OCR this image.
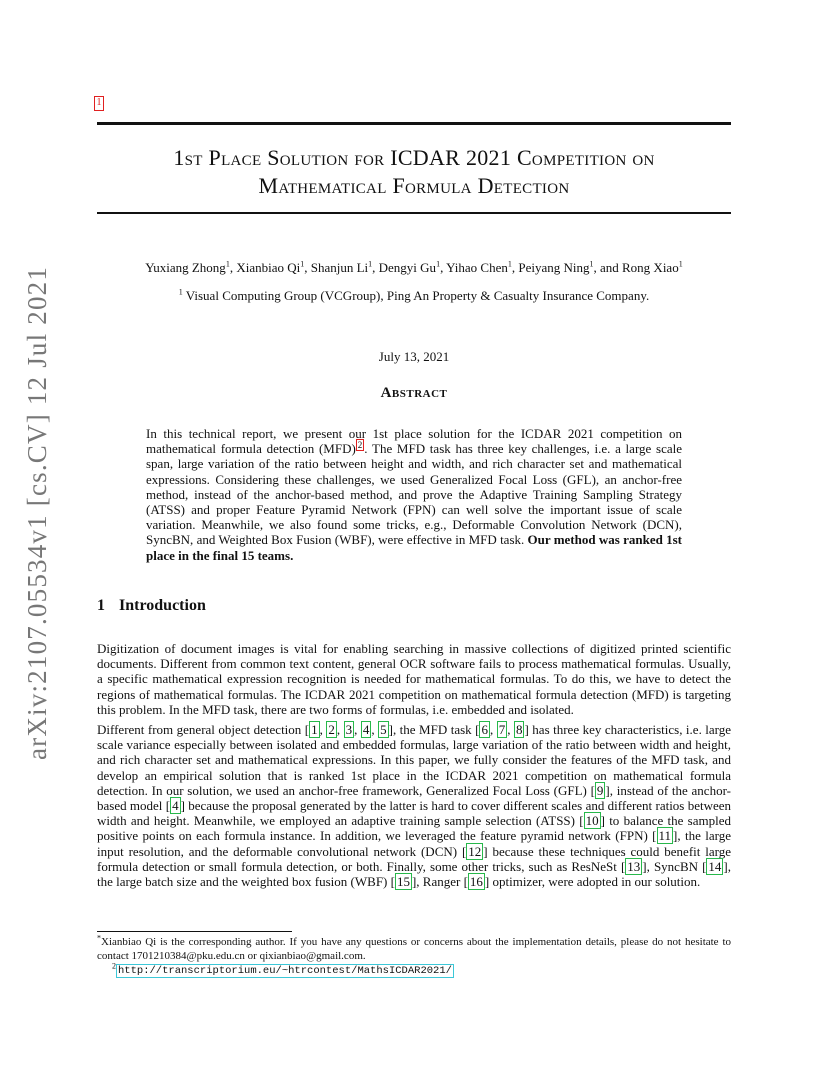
arXiv:2107.05534v1 [cs.CV] 12 Jul 2021
1
1st Place Solution for ICDAR 2021 Competition on
Mathematical Formula Detection
Yuxiang Zhong$^1$, Xianbiao Qi$^1$, Shanjun Li$^1$, Dengyi Gu$^1$, Yihao Chen$^1$, Peiyang Ning$^1$, and Rong Xiao$^1$
$^1$ Visual Computing Group (VCGroup), Ping An Property & Casualty Insurance Company.
July 13, 2021
Abstract
In this technical report, we present our 1st place solution for the ICDAR 2021 competition on mathematical formula detection (MFD) $^2$ . The MFD task has three key challenges, i.e. a large scale span, large variation of the ratio between height and width, and rich character set and mathematical expressions. Considering these challenges, we used Generalized Focal Loss (GFL), an anchor-free method, instead of the anchor-based method, and prove the Adaptive Training Sampling Strategy (ATSS) and proper Feature Pyramid Network (FPN) can well solve the important issue of scale variation. Meanwhile, we also found some tricks, e.g., Deformable Convolution Network (DCN), SyncBN, and Weighted Box Fusion (WBF), were effective in MFD task. Our method was ranked 1st place in the final 15 teams.
1 Introduction
Digitization of document images is vital for enabling searching in massive collections of digitized printed scientific documents. Different from common text content, general OCR software fails to process mathematical formulas. Usually, a specific mathematical expression recognition is needed for mathematical formulas. To do this, we have to detect the regions of mathematical formulas. The ICDAR 2021 competition on mathematical formula detection (MFD) is targeting this problem. In the MFD task, there are two forms of formulas, i.e. embedded and isolated.
Different from general object detection [ 1 , 2 , 3 , 4 , 5 ], the MFD task [ 6 , 7 , 8 ] has three key characteristics, i.e. large scale variance especially between isolated and embedded formulas, large variation of the ratio between width and height, and rich character set and mathematical expressions. In this paper, we fully consider the features of the MFD task, and develop an empirical solution that is ranked 1st place in the ICDAR 2021 competition on mathematical formula detection. In our solution, we used an anchor-free framework, Generalized Focal Loss (GFL) [ 9 ], instead of the anchor-based model [ 4 ] because the proposal generated by the latter is hard to cover different scales and different ratios between width and height. Meanwhile, we employed an adaptive training sample selection (ATSS) [ 10 ] to balance the sampled positive points on each formula instance. In addition, we leveraged the feature pyramid network (FPN) [ 11 ], the large input resolution, and the deformable convolutional network (DCN) [ 12 ] because these techniques could benefit large formula detection or small formula detection, or both. Finally, some other tricks, such as ResNeSt [ 13 ], SyncBN [ 14 ], the large batch size and the weighted box fusion (WBF) [ 15 ], Ranger [ 16 ] optimizer, were adopted in our solution.
*Xianbiao Qi is the corresponding author. If you have any questions or concerns about the implementation details, please do not hesitate to contact 1701210384@pku.edu.cn or qixianbiao@gmail.com.
$^2$ http://transcriptorium.eu/~htrcontest/MathsICDAR2021/
